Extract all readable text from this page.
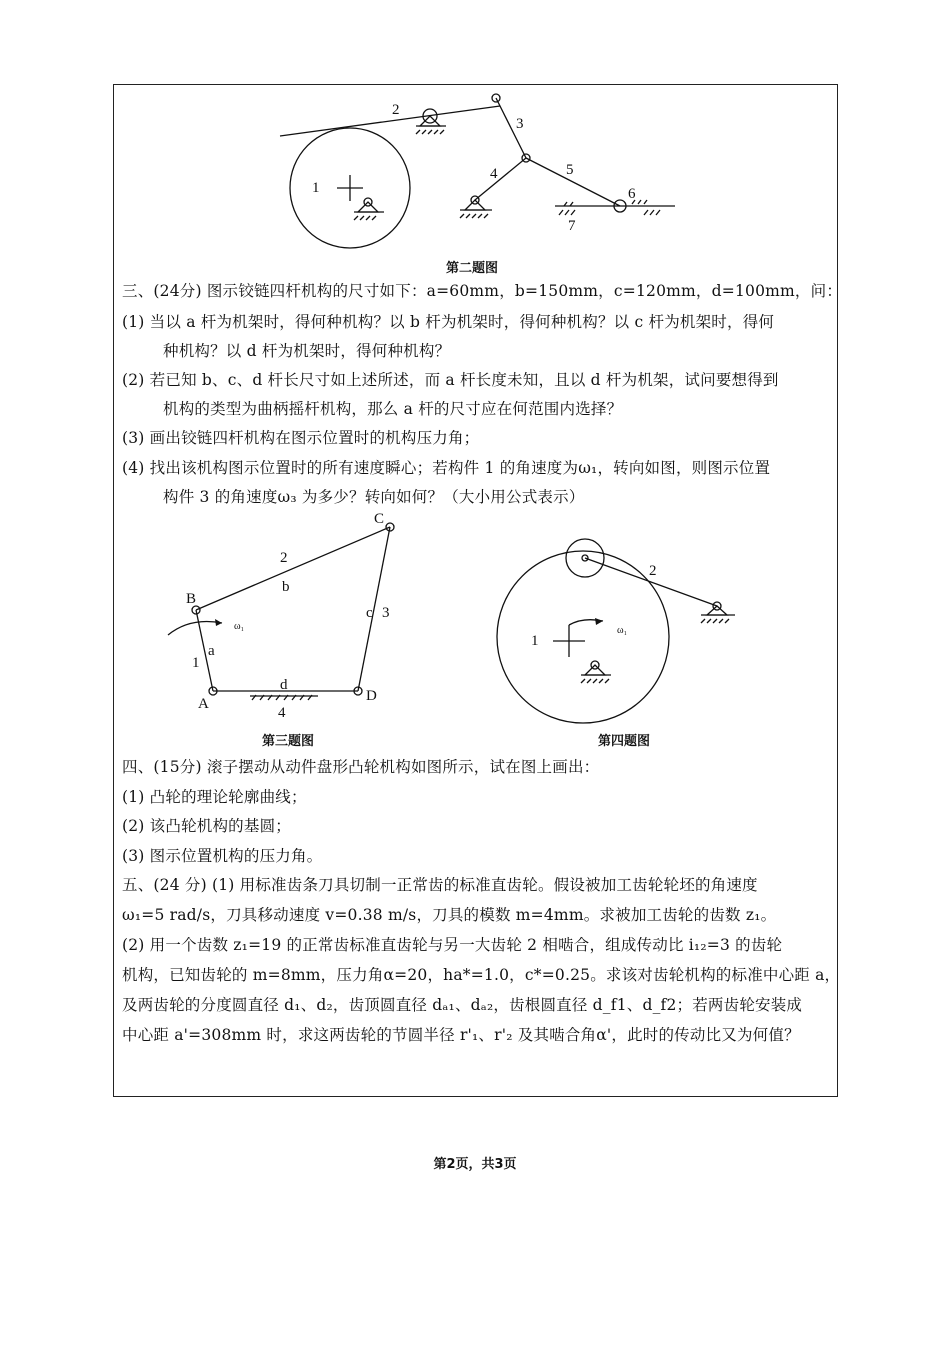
1
2
3
4	5
6
7
第二题图
三、(24分) 图示铰链四杆机构的尺寸如下：a=60mm，b=150mm，c=120mm，d=100mm，问：
(1) 当以 a 杆为机架时，得何种机构？以 b 杆为机架时，得何种机构？以 c 杆为机架时，得何
种机构？以 d 杆为机架时，得何种机构？
(2) 若已知 b、c、d 杆长尺寸如上述所述，而 a 杆长度未知，且以 d 杆为机架，试问要想得到
机构的类型为曲柄摇杆机构，那么 a 杆的尺寸应在何范围内选择？
(3) 画出铰链四杆机构在图示位置时的机构压力角；
(4) 找出该机构图示位置时的所有速度瞬心；若构件 1 的角速度为ω₁，转向如图，则图示位置
构件 3 的角速度ω₃ 为多少？转向如何？（大小用公式表示）
A
B
C
D
1
a
2
b
c 3
d
4
ω₁
第三题图
1
2
ω₁
第四题图
四、(15分) 滚子摆动从动件盘形凸轮机构如图所示，试在图上画出：
(1) 凸轮的理论轮廓曲线；
(2) 该凸轮机构的基圆；
(3) 图示位置机构的压力角。
五、(24 分) (1) 用标准齿条刀具切制一正常齿的标准直齿轮。假设被加工齿轮轮坯的角速度
ω₁=5 rad/s，刀具移动速度 v=0.38 m/s，刀具的模数 m=4mm。求被加工齿轮的齿数 z₁。
(2) 用一个齿数 z₁=19 的正常齿标准直齿轮与另一大齿轮 2 相啮合，组成传动比 i₁₂=3 的齿轮
机构，已知齿轮的 m=8mm，压力角α=20，ha*=1.0，c*=0.25。求该对齿轮机构的标准中心距 a，
及两齿轮的分度圆直径 d₁、d₂，齿顶圆直径 dₐ₁、dₐ₂，齿根圆直径 d_f1、d_f2；若两齿轮安装成
中心距 a'=308mm 时，求这两齿轮的节圆半径 r'₁、r'₂ 及其啮合角α'，此时的传动比又为何值？
第2页，共3页
